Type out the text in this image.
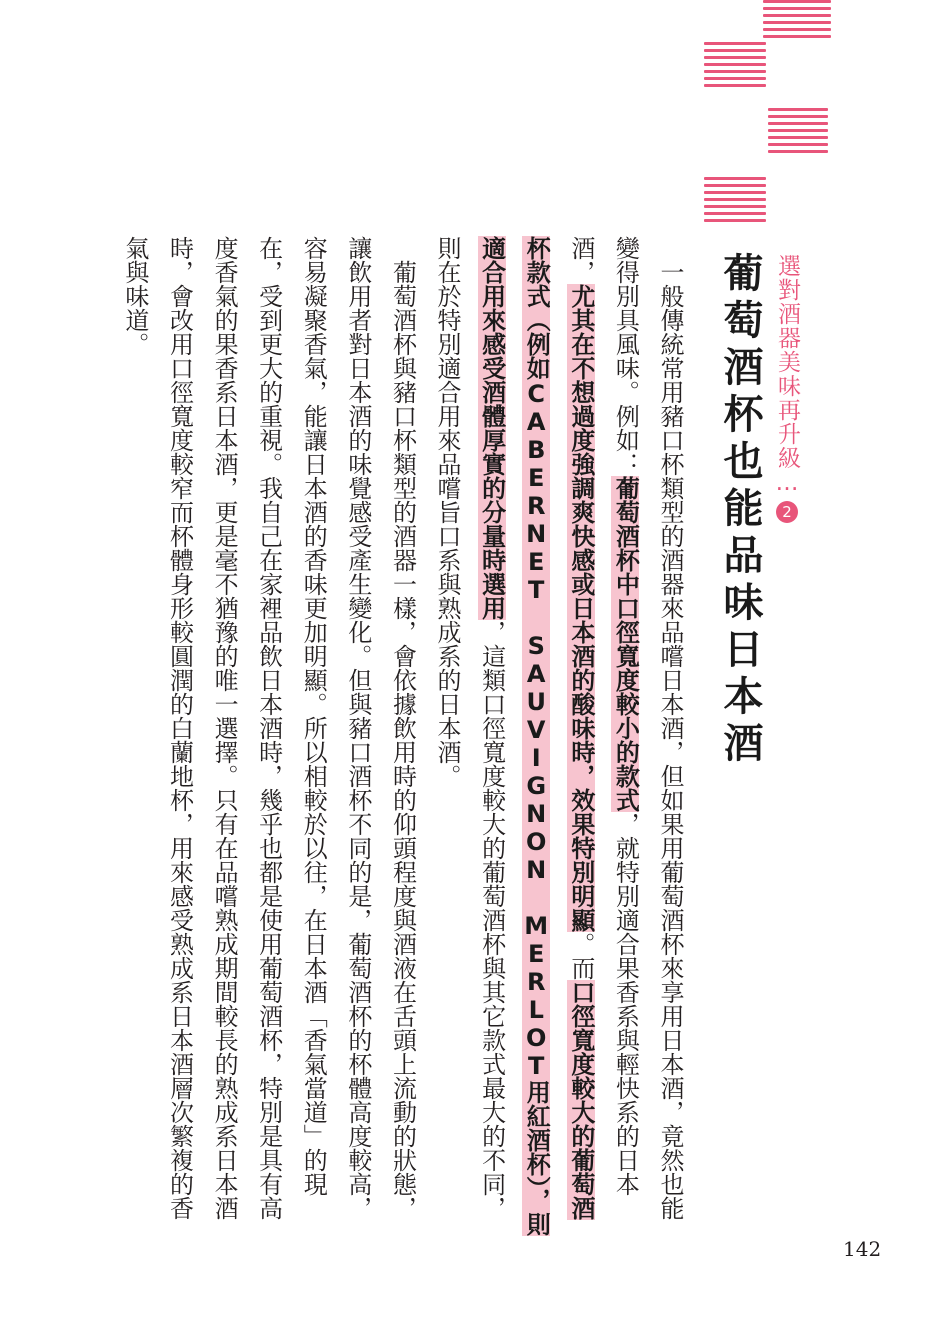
選對酒器美味再升級…2
葡萄酒杯也能品味日本酒

　一般傳統常用豬口杯類型的酒器來品嚐日本酒，但如果用葡萄酒杯來享用日本酒，竟然也能變得別具風味。例如：葡萄酒杯中口徑寬度較小的款式，就特別適合果香系與輕快系的日本酒，尤其在不想過度強調爽快感或日本酒的酸味時，效果特別明顯。而口徑寬度較大的葡萄酒杯款式（例如CABERNET SAUVIGNON MERLOT用紅酒杯），則適合用來感受酒體厚實的分量時選用，這類口徑寬度較大的葡萄酒杯與其它款式最大的不同，則在於特別適合用來品嚐旨口系與熟成系的日本酒。

　葡萄酒杯與豬口杯類型的酒器一樣，會依據飲用時的仰頭程度與酒液在舌頭上流動的狀態，讓飲用者對日本酒的味覺感受產生變化。但與豬口酒杯不同的是，葡萄酒杯的杯體高度較高，容易凝聚香氣，能讓日本酒的香味更加明顯。所以相較於以往，在日本酒「香氣當道」的現在，受到更大的重視。我自己在家裡品飲日本酒時，幾乎也都是使用葡萄酒杯，特別是具有高度香氣的果香系日本酒，更是毫不猶豫的唯一選擇。只有在品嚐熟成期間較長的熟成系日本酒時，會改用口徑寬度較窄而杯體身形較圓潤的白蘭地杯，用來感受熟成系日本酒層次繁複的香氣與味道。

142
